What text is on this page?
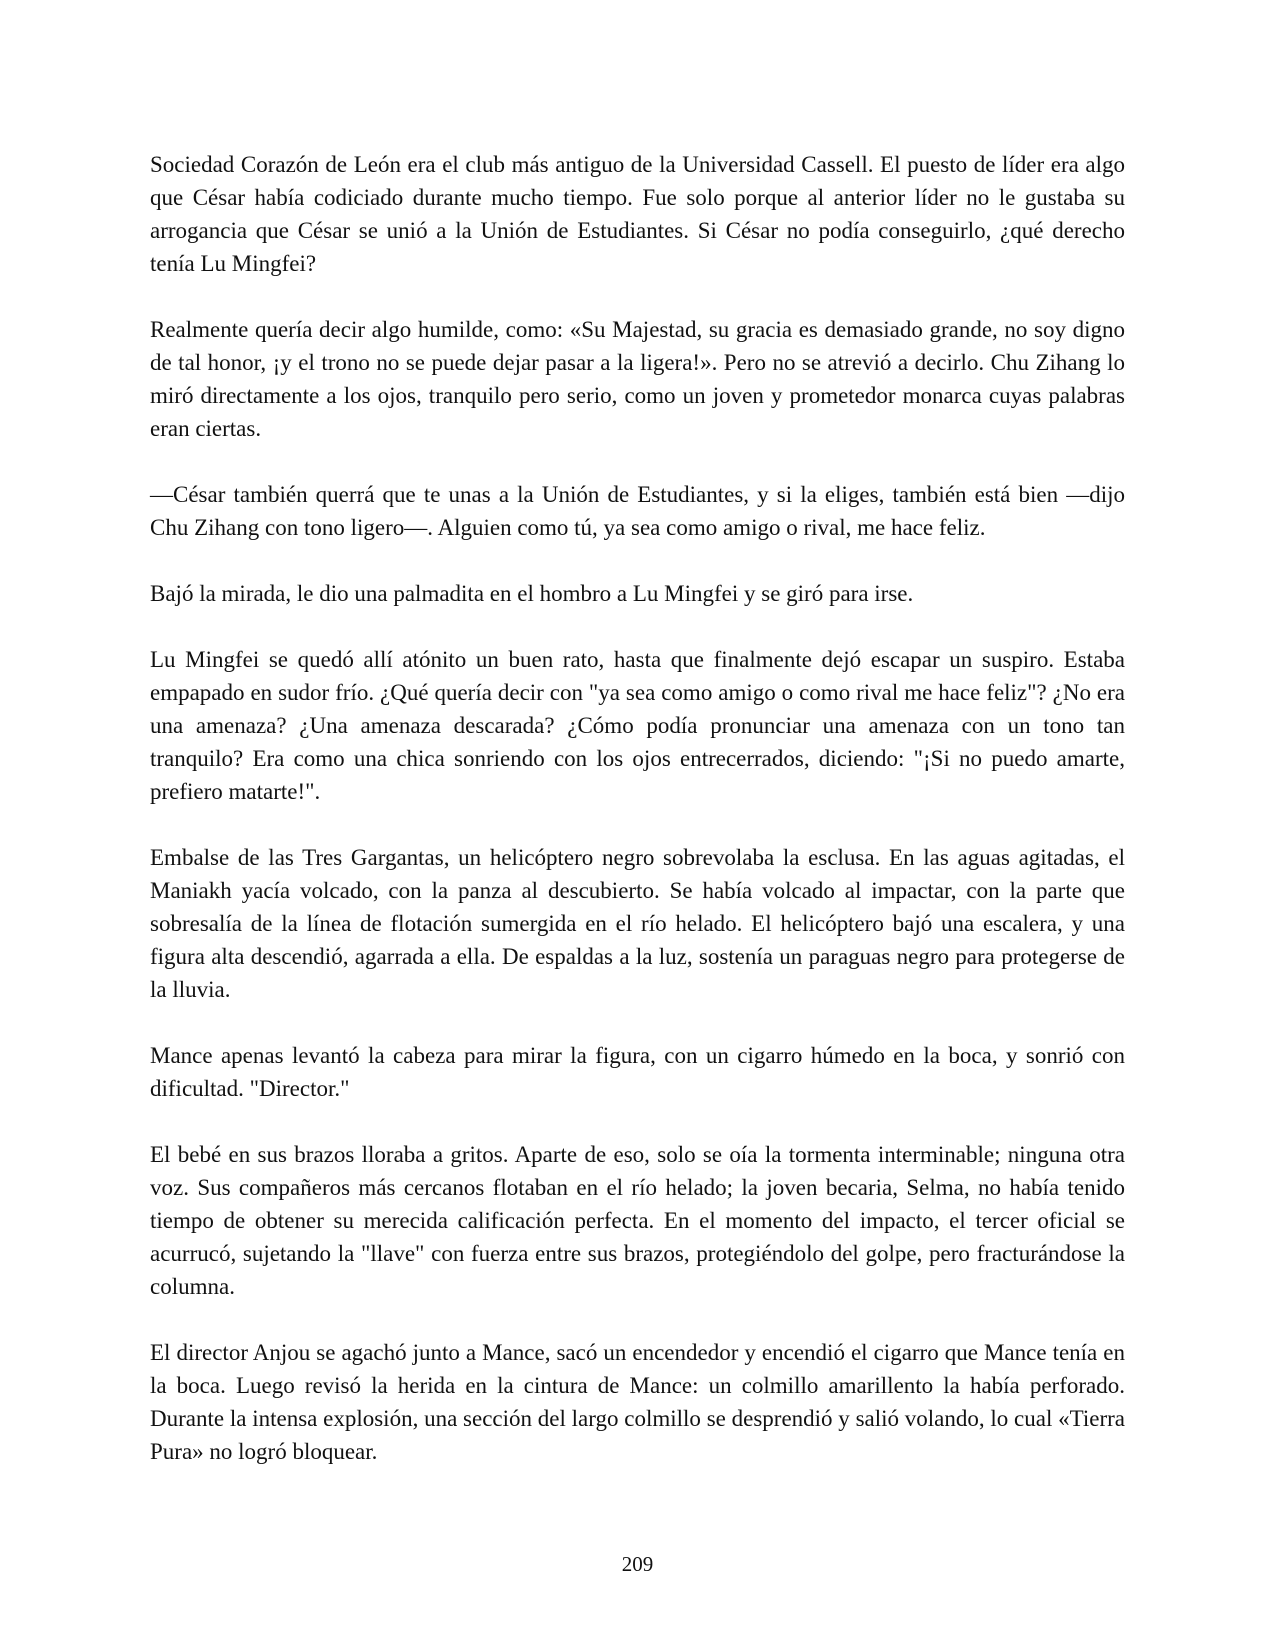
Sociedad Corazón de León era el club más antiguo de la Universidad Cassell. El puesto de líder era algo que César había codiciado durante mucho tiempo. Fue solo porque al anterior líder no le gustaba su arrogancia que César se unió a la Unión de Estudiantes. Si César no podía conseguirlo, ¿qué derecho tenía Lu Mingfei?

Realmente quería decir algo humilde, como: «Su Majestad, su gracia es demasiado grande, no soy digno de tal honor, ¡y el trono no se puede dejar pasar a la ligera!». Pero no se atrevió a decirlo. Chu Zihang lo miró directamente a los ojos, tranquilo pero serio, como un joven y prometedor monarca cuyas palabras eran ciertas.

—César también querrá que te unas a la Unión de Estudiantes, y si la eliges, también está bien —dijo Chu Zihang con tono ligero—. Alguien como tú, ya sea como amigo o rival, me hace feliz.

Bajó la mirada, le dio una palmadita en el hombro a Lu Mingfei y se giró para irse.

Lu Mingfei se quedó allí atónito un buen rato, hasta que finalmente dejó escapar un suspiro. Estaba empapado en sudor frío. ¿Qué quería decir con "ya sea como amigo o como rival me hace feliz"? ¿No era una amenaza? ¿Una amenaza descarada? ¿Cómo podía pronunciar una amenaza con un tono tan tranquilo? Era como una chica sonriendo con los ojos entrecerrados, diciendo: "¡Si no puedo amarte, prefiero matarte!".

Embalse de las Tres Gargantas, un helicóptero negro sobrevolaba la esclusa. En las aguas agitadas, el Maniakh yacía volcado, con la panza al descubierto. Se había volcado al impactar, con la parte que sobresalía de la línea de flotación sumergida en el río helado. El helicóptero bajó una escalera, y una figura alta descendió, agarrada a ella. De espaldas a la luz, sostenía un paraguas negro para protegerse de la lluvia.

Mance apenas levantó la cabeza para mirar la figura, con un cigarro húmedo en la boca, y sonrió con dificultad. "Director."

El bebé en sus brazos lloraba a gritos. Aparte de eso, solo se oía la tormenta interminable; ninguna otra voz. Sus compañeros más cercanos flotaban en el río helado; la joven becaria, Selma, no había tenido tiempo de obtener su merecida calificación perfecta. En el momento del impacto, el tercer oficial se acurrucó, sujetando la "llave" con fuerza entre sus brazos, protegiéndolo del golpe, pero fracturándose la columna.

El director Anjou se agachó junto a Mance, sacó un encendedor y encendió el cigarro que Mance tenía en la boca. Luego revisó la herida en la cintura de Mance: un colmillo amarillento la había perforado. Durante la intensa explosión, una sección del largo colmillo se desprendió y salió volando, lo cual «Tierra Pura» no logró bloquear.

209
